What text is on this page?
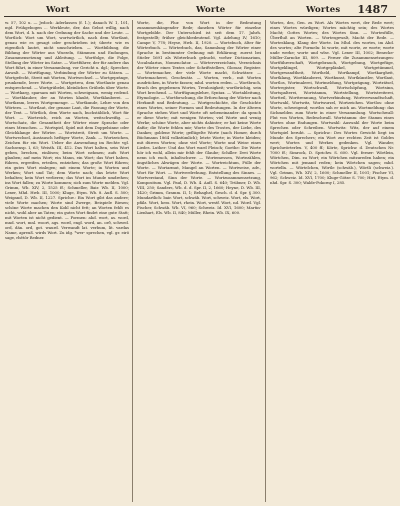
Wort	Worte	Wortes 1487

w. 57, 102 u. — Jedoch: Aderlassen (f. 1.); danach W. 1, 101, mjd. Frühgebogen ... Werkleute, der, das Gebot willig, nach dem Wort, d. h. nach der Ordnung der Sache und der Leute. — Wortlich: Wort um Wort, wortwörtlich, nach dem Wortlaut, genau wie es gesagt oder geschrieben ist; übertr. wie es eigentlich lautet, nicht umschrieben. — Wortbildung, die Bildung der Wörter aus Wurzeln, Stämmen und Endungen, Zusammensetzung und Ableitung. — Wortfolge, die Folge, Stellung der Wörter im Satze. — Wortführer, der für andere das Wort führt, in einer Versammlung, vor Gericht u. dgl.; Sprecher, Anwalt. — Wortfügung, Verbindung der Wörter zu Sätzen. — Wortgefecht, Streit mit Worten, Wortwechsel. — Wortgepränge, prunkende, leere Worte. — Wortgetreu, dem Wortlaute genau entsprechend. — Wortgrübelei, kleinliches Grübeln über Worte. — Wortkarg, sparsam mit Worten, schweigsam, wenig redend. — Wortklauber, der an Worten klaubt, Wortklauberei. — Wortkram, leeres Wortgemenge. — Wortkunde, Lehre von den Wörtern. — Wortlaut, der genaue Laut, die Fassung der Worte, der Text. — Wörtlich, dem Worte nach, buchstäblich, Wort für Wort. — Wortreich, reich an Worten, weitschweifig. — Wortschatz, die Gesamtheit der Wörter einer Sprache oder eines Menschen. — Wortspiel, Spiel mit dem Doppelsinne oder Gleichklange der Wörter. — Wortstreit, Streit um Worte. — Wortwechsel, Austausch heftiger Worte, Zank. — Wortzeichen, Zeichen für ein Wort. Ueber die Anwendung im Rechte vgl. Sachsensp. I, 63; Weisth. III, 412. Das Wort halten, sein Wort geben, brechen, einlösen; beim Wort nehmen; aufs Wort glauben; auf mein Wort; ein Mann, ein Wort; das Wort haben, führen, ergreifen, erteilen, entziehen; das große Wort führen; ein gutes Wort einlegen; mit einem Worte; in Worten und Werken; Wort und Tat; dem Worte nach; das letzte Wort behalten; kein Wort verlieren; das Wort im Munde umdrehen; ins Wort fallen; zu Worte kommen; sich zum Worte melden. Vgl. Grimm, Wb. XIV, 2, 1525 ff.; Schmeller, Bair. Wb. II, 1000; Lexer, Mhd. Hwb. III, 1000; Kluge, Etym. Wb. 8. Aufl. S. 500; Weigand, D. Wb. II, 1227. Sprichw.: Ein Wort gibt das andere; viele Worte machen; Worte sind Zwerge, Beispiele Riesen; schöne Worte machen den Kohl nicht fett; an Worten fehlt es nicht, wohl aber an Taten; ein gutes Wort findet eine gute Statt; mit Worten ist nicht gedient. — Formen: ahd. wort, as. word, mnd. wort, mnl. woort, ags. word, engl. word, an. orð, schwed. ord, dän. ord, got. waurd. Verwandt lat. verbum, lit. vardas Name, apreuß. wirds Wort. Zu idg. *wer- sprechen, vgl. gr. eirō sage, rhētōr Redner.

Worte, die, Plur. von Wort in der Bedeutung zusammenhängender Rede; daneben Wörter für einzelne Wortgebilde. Der Unterschied ist seit dem 17. Jahrh. festgestellt; früher gleichbedeutend. Vgl. Adelung IV, 1610; Campe V, 778; Heyse, Hwb. II, 1920. — Wortebuch, älter für Wörterbuch. — Wörterbuch, das, Sammlung der Wörter einer Sprache in bestimmter Ordnung mit Erklärung; zuerst bei Stieler 1691 als Wörterbuch gebucht, vorher Dictionarium, Vocabularius, Nomenclator. — Wörterverzeichnis, Verzeichnis der Wörter eines Textes oder Schriftstellers, Glossar, Register. — Wortemacher, der viele Worte macht, Schwätzer. — Wortemacherei, Geschwätz. — Worten, verb., mit Worten ausdrücken, in Worte fassen; mhd. worten reden. — Wortbruch, Bruch des gegebenen Wortes, Treulosigkeit; wortbrüchig, sein Wort brechend. — Wortfügungslehre, Syntax. — Wortableitung, Etymologie. — Wortforschung, die Erforschung der Wörter nach Herkunft und Bedeutung. — Wortgeschichte, die Geschichte eines Wortes, seiner Formen und Bedeutungen. In der älteren Sprache stehen Wort und Worte oft nebeneinander: da sprach er diese Worte; mit wenigen Worten; viel Worte und wenig Werke; schöne Worte, aber nichts dahinter; er hat keine Worte dafür; die Worte fehlen mir; Worte des Trostes, der Liebe, des Dankes; goldene Worte; geflügelte Worte (nach Homer, durch Büchmann 1864 volkstümlich); letzte Worte; in Worte kleiden; mit dürren Worten; ohne viel Worte; Worte und Weise eines Liedes. Luther: Und das Wort ward Fleisch; Goethe: Die Worte hör ich wohl, allein mir fehlt der Glaube; Schiller: Drei Worte nenn ich euch, inhaltschwer. — Wortemessen, Wortezählen, ängstliches Abwägen der Worte. — Wortreichtum, Fülle der Worte. — Wortarmut, Mangel an Worten. — Wortweise, adv., Wort für Wort. — Wortverdrehung, Entstellung des Sinnes. — Wortverstand, Sinn der Worte. — Wortzusammensetzung, Kompositum. Vgl. Paul, D. Wb. 4. Aufl. S. 640; Trübner, D. Wb. VIII, 250; Sanders, Wb. d. d. Spr. II, 2, 1660; Heyne, D. Wb. III, 1420; Grimm, Gramm. II, 1; Behaghel, Gesch. d. d. Spr. § 300. Mundartlich: bair. Wort, schwäb. Wort, schweiz. Wort, els. Wort, pfälz. Wort, hess. Wort, rhein. Wort, westf. Wort, nd. Word. Vgl. Fischer, Schwäb. Wb. VI, 960; Schweiz. Id. XVI, 1600; Martin-Lienhart, Els. Wb. II, 840; Müller, Rhein. Wb. IX, 600.

Wortes, des, Gen. zu Wort. Als Wortes wert, der Rede wert; eines Wortes würdigen; Wortes mächtig sein; des Wortes Macht; Gottes Wortes; des Wortes Sinn. — Wortesfülle, Überfluß an Worten. — Wortesgewalt, Macht der Rede. — Wortesklang, Klang der Worte. Im Mhd. des wortes, im Ahd. des wortes; alte Formeln: bi worte, mit worte, ze worte; worte unde werke; worte und wîse. Vgl. Lexer III, 1002; Benecke-Müller-Zarncke III, 809. — Ferner die Zusammensetzungen: Wortführerschaft, Wortgebrauch, Wortgebung, Wortgefüge, Wortgeklingel, Wortgeplänkel, Wortgetümmel, Wortgewandtheit, Wortheld, Wortkampf, Wortkargheit, Wortklang, Wortklauberei, Wortkunst, Wortkünstler, Wortlaut, Wortlos, Wortmalerei, Wortmeldung, Wortprägung, Worträtsel, Wortregister, Wortschwall, Wortschöpfung, Wortsinn, Wortspalterei, Wortstamm, Wortstellung, Wortstreiterei, Wortteil, Worttrennung, Wortverbindung, Wortverwandtschaft, Wortwahl, Wortwitz, Wortwurzel, Wortzeichen. Wortlos: ohne Worte, schweigend; wortlos sah er mich an. Wortmeldung: das Sichmelden zum Worte in einer Versammlung. Wortschwall: Flut von Worten, Redeschwall. Wortstamm: der Stamm eines Wortes ohne Endungen. Wortwahl: Auswahl der Worte beim Sprechen oder Schreiben. Wortwitz: Witz, der auf einem Wortspiel beruht. — Sprichw.: Des Wortes Gewicht liegt im Munde des Sprechers; ein Wort zur rechten Zeit ist Goldes wert; Wortes und Werkes gedenken. Vgl. Wander, Sprichwörterlex. V, 400 ff.; Körte, Sprichw. d. Deutschen Nr. 7000 ff.; Simrock, D. Sprichw. S. 600. Vgl. ferner: Wörtlein, Wörtchen, Dim. zu Wort; ein Wörtchen mitzureden haben; ein Wörtchen mit jemand reden; kein Wörtchen sagen; mhd. wortelîn. — Wörtelchen, Wörtle (schwäb.), Wörtli (schweiz.). Vgl. Grimm, Wb. XIV, 2, 1600; Schmeller II, 1001; Fischer VI, 962; Schweiz. Id. XVI, 1700; Kluge-Götze S. 700; Hirt, Etym. d. nhd. Spr. S. 300; Walde-Pokorny I, 285.
